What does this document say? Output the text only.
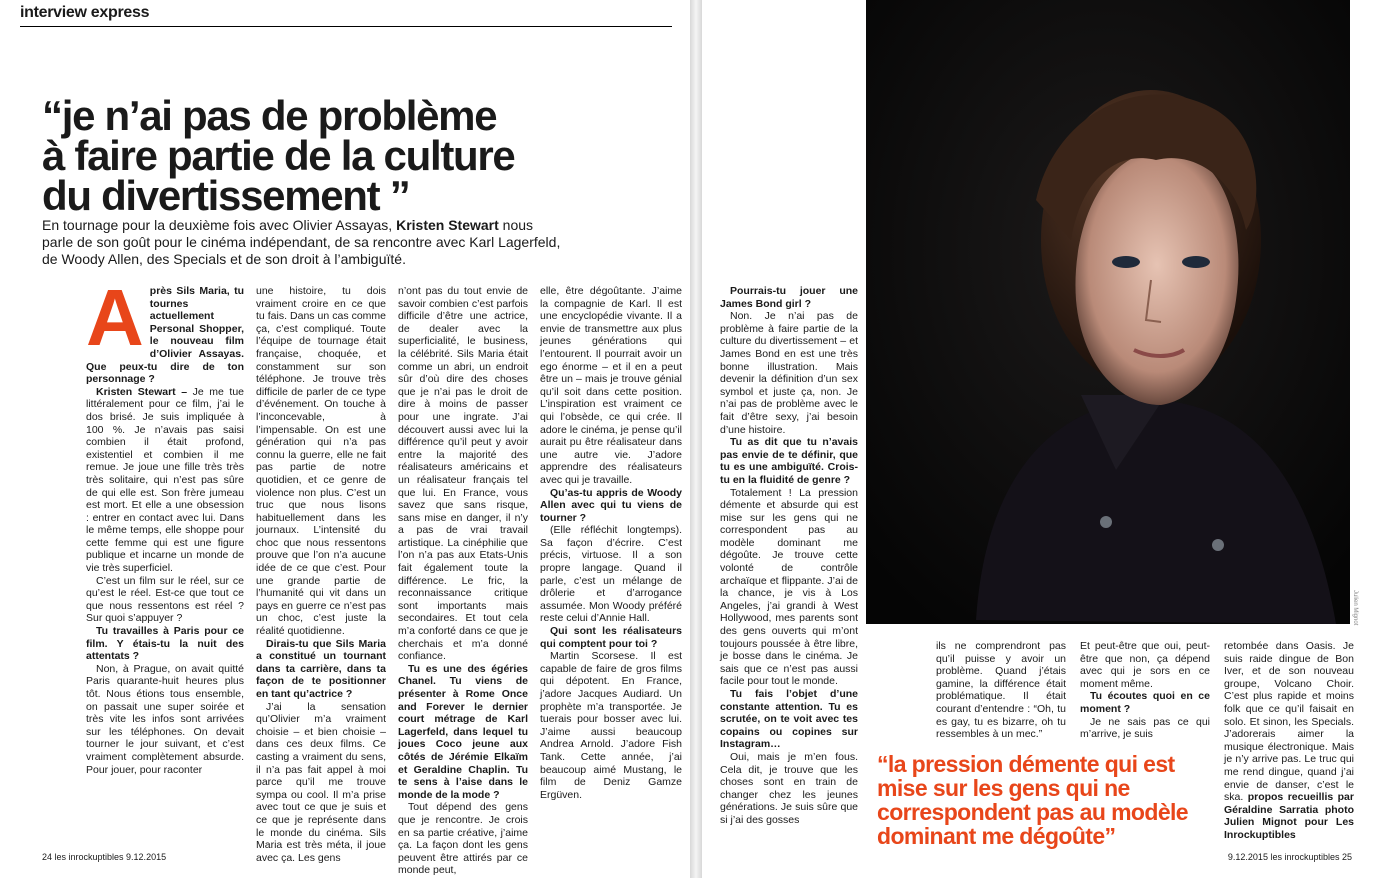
interview express
“je n’ai pas de problème
à faire partie de la culture
du divertissement ”

En tournage pour la deuxième fois avec Olivier Assayas, Kristen Stewart nous parle de son goût pour le cinéma indépendant, de sa rencontre avec Karl Lagerfeld, de Woody Allen, des Specials et de son droit à l’ambiguïté.

A près Sils Maria, tu tournes actuellement Personal Shopper, le nouveau film d’Olivier Assayas. Que peux-tu dire de ton personnage ?

Kristen Stewart – Je me tue littéralement pour ce film, j’ai le dos brisé. Je suis impliquée à 100 %. Je n’avais pas saisi combien il était profond, existentiel et combien il me remue. Je joue une fille très très très solitaire, qui n’est pas sûre de qui elle est. Son frère jumeau est mort. Et elle a une obsession : entrer en contact avec lui. Dans le même temps, elle shoppe pour cette femme qui est une figure publique et incarne un monde de vie très superficiel.

C’est un film sur le réel, sur ce qu’est le réel. Est-ce que tout ce que nous ressentons est réel ? Sur quoi s’appuyer ?

Tu travailles à Paris pour ce film. Y étais-tu la nuit des attentats ?

Non, à Prague, on avait quitté Paris quarante-huit heures plus tôt. Nous étions tous ensemble, on passait une super soirée et très vite les infos sont arrivées sur les téléphones. On devait tourner le jour suivant, et c’est vraiment complètement absurde. Pour jouer, pour raconter

une histoire, tu dois vraiment croire en ce que tu fais. Dans un cas comme ça, c’est compliqué. Toute l’équipe de tournage était française, choquée, et constamment sur son téléphone. Je trouve très difficile de parler de ce type d’événement. On touche à l’inconcevable, à l’impensable. On est une génération qui n’a pas connu la guerre, elle ne fait pas partie de notre quotidien, et ce genre de violence non plus. C’est un truc que nous lisons habituellement dans les journaux. L’intensité du choc que nous ressentons prouve que l’on n’a aucune idée de ce que c’est. Pour une grande partie de l’humanité qui vit dans un pays en guerre ce n’est pas un choc, c’est juste la réalité quotidienne.

Dirais-tu que Sils Maria a constitué un tournant dans ta carrière, dans ta façon de te positionner en tant qu’actrice ?

J’ai la sensation qu’Olivier m’a vraiment choisie – et bien choisie – dans ces deux films. Ce casting a vraiment du sens, il n’a pas fait appel à moi parce qu’il me trouve sympa ou cool. Il m’a prise avec tout ce que je suis et ce que je représente dans le monde du cinéma. Sils Maria est très méta, il joue avec ça. Les gens

n’ont pas du tout envie de savoir combien c’est parfois difficile d’être une actrice, de dealer avec la superficialité, le business, la célébrité. Sils Maria était comme un abri, un endroit sûr d’où dire des choses que je n’ai pas le droit de dire à moins de passer pour une ingrate. J’ai découvert aussi avec lui la différence qu’il peut y avoir entre la majorité des réalisateurs américains et un réalisateur français tel que lui. En France, vous savez que sans risque, sans mise en danger, il n’y a pas de vrai travail artistique. La cinéphilie que l’on n’a pas aux Etats-Unis fait également toute la différence. Le fric, la reconnaissance critique sont importants mais secondaires. Et tout cela m’a conforté dans ce que je cherchais et m’a donné confiance.

Tu es une des égéries Chanel. Tu viens de présenter à Rome Once and Forever le dernier court métrage de Karl Lagerfeld, dans lequel tu joues Coco jeune aux côtés de Jérémie Elkaïm et Geraldine Chaplin. Tu te sens à l’aise dans le monde de la mode ?

Tout dépend des gens que je rencontre. Je crois en sa partie créative, j’aime ça. La façon dont les gens peuvent être attirés par ce monde peut,

elle, être dégoûtante. J’aime la compagnie de Karl. Il est une encyclopédie vivante. Il a envie de transmettre aux plus jeunes générations qui l’entourent. Il pourrait avoir un ego énorme – et il en a peut être un – mais je trouve génial qu’il soit dans cette position. L’inspiration est vraiment ce qui l’obsède, ce qui crée. Il adore le cinéma, je pense qu’il aurait pu être réalisateur dans une autre vie. J’adore apprendre des réalisateurs avec qui je travaille.

Qu’as-tu appris de Woody Allen avec qui tu viens de tourner ?

(Elle réfléchit longtemps). Sa façon d’écrire. C’est précis, virtuose. Il a son propre langage. Quand il parle, c’est un mélange de drôlerie et d’arrogance assumée. Mon Woody préféré reste celui d’Annie Hall.

Qui sont les réalisateurs qui comptent pour toi ?

Martin Scorsese. Il est capable de faire de gros films qui dépotent. En France, j’adore Jacques Audiard. Un prophète m’a transportée. Je tuerais pour bosser avec lui. J’aime aussi beaucoup Andrea Arnold. J’adore Fish Tank. Cette année, j’ai beaucoup aimé Mustang, le film de Deniz Gamze Ergüven.

24 les inrockuptibles 9.12.2015
Julien Mignot

Pourrais-tu jouer une James Bond girl ?

Non. Je n’ai pas de problème à faire partie de la culture du divertissement – et James Bond en est une très bonne illustration. Mais devenir la définition d’un sex symbol et juste ça, non. Je n’ai pas de problème avec le fait d’être sexy, j’ai besoin d’une histoire.

Tu as dit que tu n’avais pas envie de te définir, que tu es une ambiguïté. Crois-tu en la fluidité de genre ?

Totalement ! La pression démente et absurde qui est mise sur les gens qui ne correspondent pas au modèle dominant me dégoûte. Je trouve cette volonté de contrôle archaïque et flippante. J’ai de la chance, je vis à Los Angeles, j’ai grandi à West Hollywood, mes parents sont des gens ouverts qui m’ont toujours poussée à être libre, je bosse dans le cinéma. Je sais que ce n’est pas aussi facile pour tout le monde.

Tu fais l’objet d’une constante attention. Tu es scrutée, on te voit avec tes copains ou copines sur Instagram…

Oui, mais je m’en fous. Cela dit, je trouve que les choses sont en train de changer chez les jeunes générations. Je suis sûre que si j’ai des gosses

ils ne comprendront pas qu’il puisse y avoir un problème. Quand j’étais gamine, la différence était problématique. Il était courant d’entendre : “Oh, tu es gay, tu es bizarre, oh tu ressembles à un mec.”

Et peut-être que oui, peut-être que non, ça dépend avec qui je sors en ce moment même.

Tu écoutes quoi en ce moment ?

Je ne sais pas ce qui m’arrive, je suis

retombée dans Oasis. Je suis raide dingue de Bon Iver, et de son nouveau groupe, Volcano Choir. C’est plus rapide et moins folk que ce qu’il faisait en solo. Et sinon, les Specials. J’adorerais aimer la musique électronique. Mais je n’y arrive pas. Le truc qui me rend dingue, quand j’ai envie de danser, c’est le ska. propos recueillis par Géraldine Sarratia photo Julien Mignot pour Les Inrockuptibles

9.12.2015 les inrockuptibles 25
“la pression démente qui est
mise sur les gens qui ne
correspondent pas au modèle
dominant me dégoûte”
